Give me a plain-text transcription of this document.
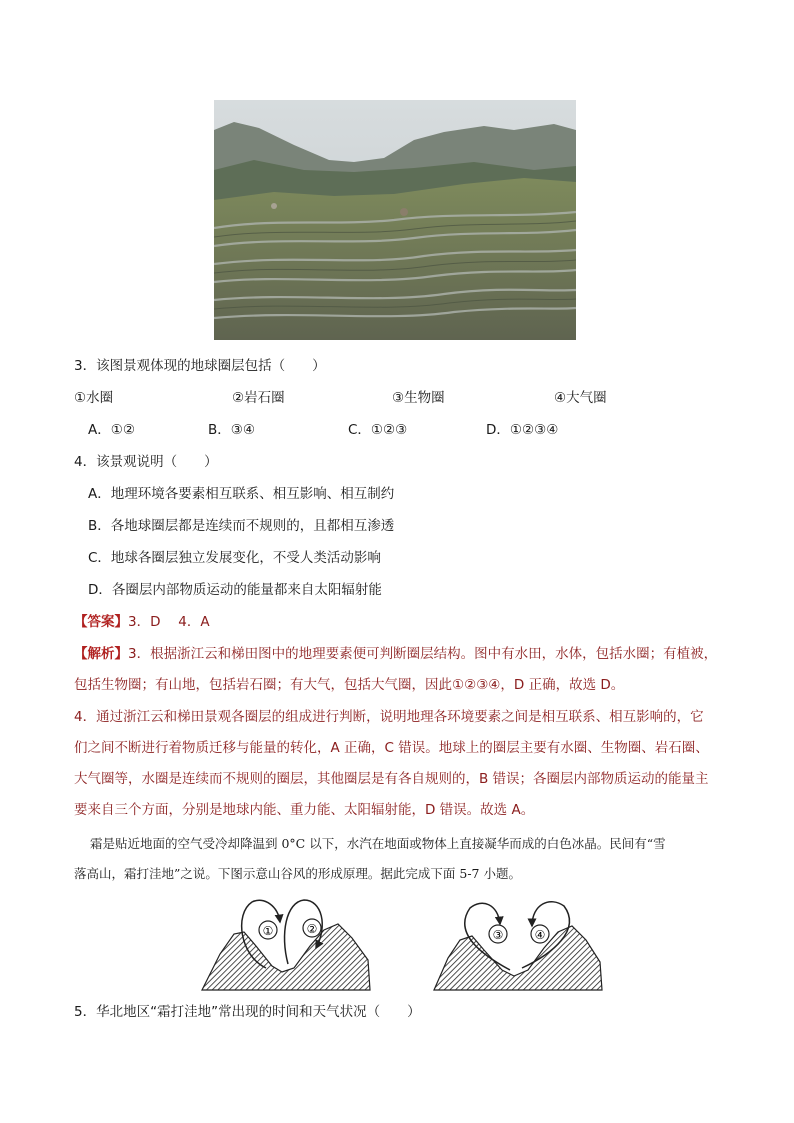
3．该图景观体现的地球圈层包括（　　）
①水圈	②岩石圈	③生物圈	④大气圈
A．①②	B．③④	C．①②③	D．①②③④
4．该景观说明（　　）
A．地理环境各要素相互联系、相互影响、相互制约
B．各地球圈层都是连续而不规则的，且都相互渗透
C．地球各圈层独立发展变化，不受人类活动影响
D．各圈层内部物质运动的能量都来自太阳辐射能
【答案】3．D　 4．A
【解析】3．根据浙江云和梯田图中的地理要素便可判断圈层结构。图中有水田，水体，包括水圈；有植被，
包括生物圈；有山地，包括岩石圈；有大气，包括大气圈，因此①②③④，D 正确，故选 D。
4．通过浙江云和梯田景观各圈层的组成进行判断，说明地理各环境要素之间是相互联系、相互影响的，它
们之间不断进行着物质迁移与能量的转化，A 正确，C 错误。地球上的圈层主要有水圈、生物圈、岩石圈、
大气圈等，水圈是连续而不规则的圈层，其他圈层是有各自规则的，B 错误；各圈层内部物质运动的能量主
要来自三个方面，分别是地球内能、重力能、太阳辐射能，D 错误。故选 A。
霜是贴近地面的空气受冷却降温到 0°C 以下，水汽在地面或物体上直接凝华而成的白色冰晶。民间有“雪
落高山，霜打洼地”之说。下图示意山谷风的形成原理。据此完成下面 5-7 小题。
①	②	③	④
5．华北地区“霜打洼地”常出现的时间和天气状况（　　）
